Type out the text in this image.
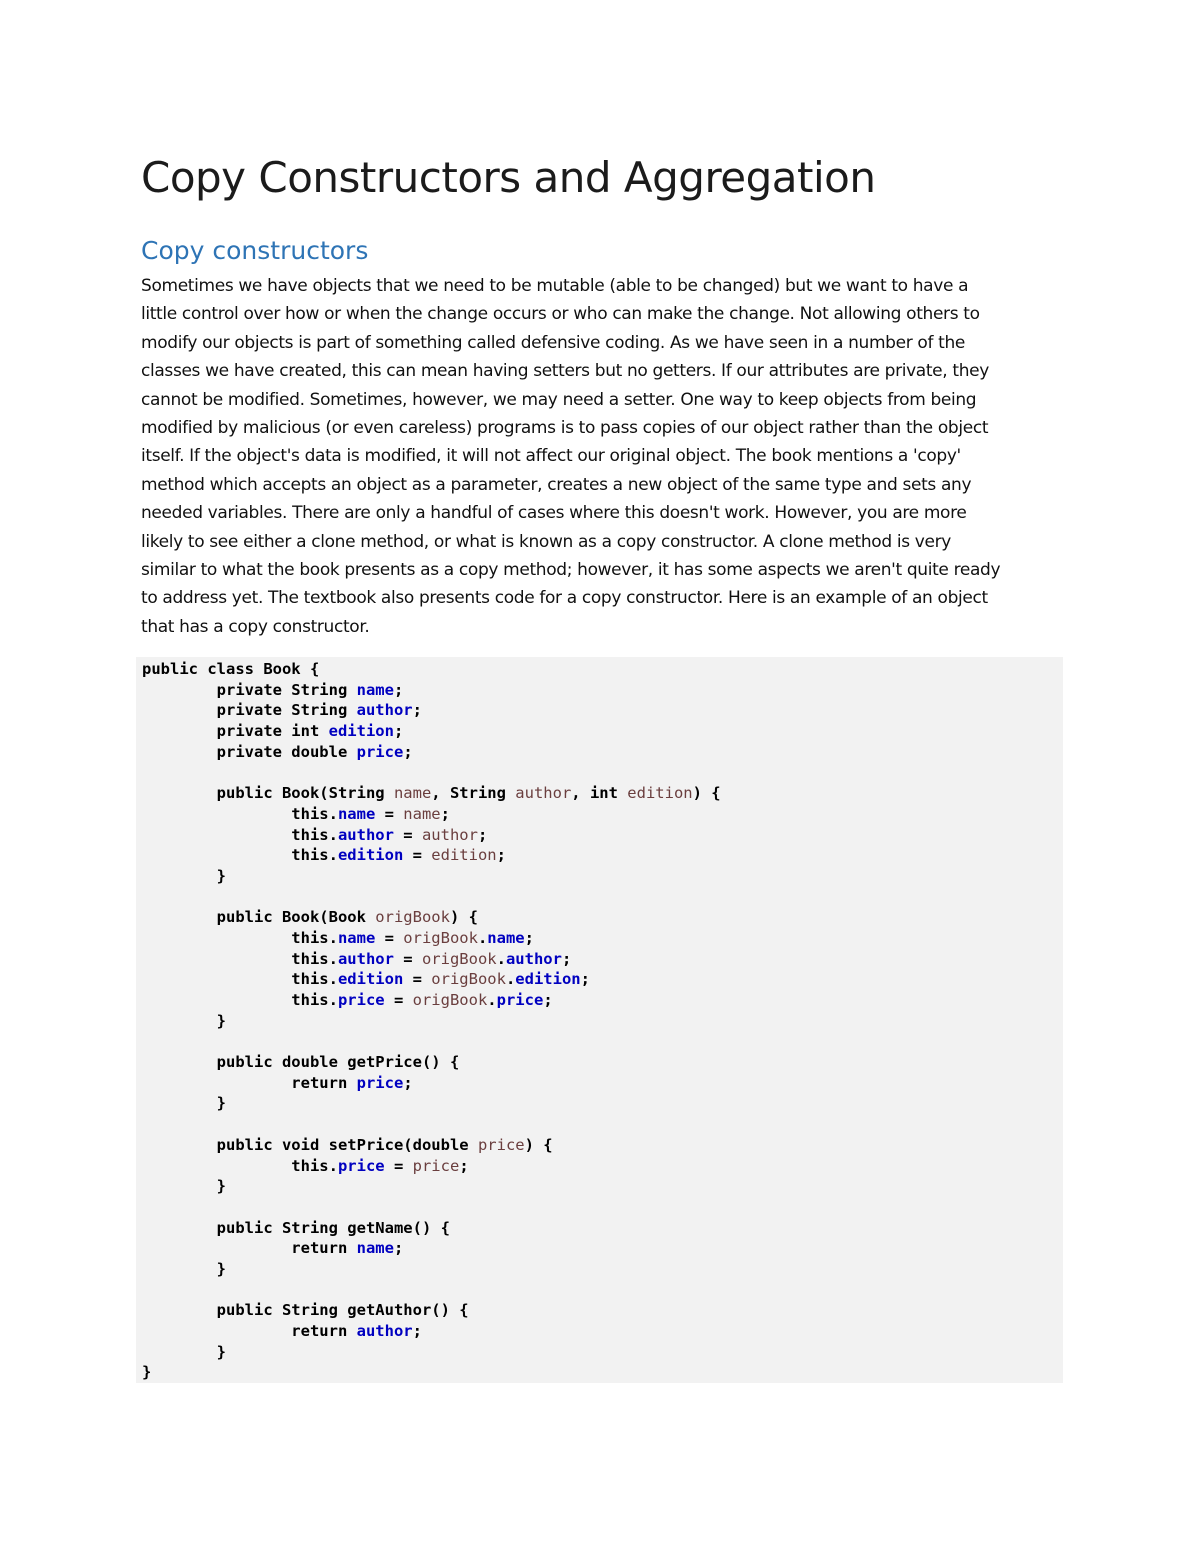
Copy Constructors and Aggregation
Copy constructors
Sometimes we have objects that we need to be mutable (able to be changed) but we want to have a
little control over how or when the change occurs or who can make the change. Not allowing others to
modify our objects is part of something called defensive coding. As we have seen in a number of the
classes we have created, this can mean having setters but no getters. If our attributes are private, they
cannot be modified. Sometimes, however, we may need a setter. One way to keep objects from being
modified by malicious (or even careless) programs is to pass copies of our object rather than the object
itself. If the object's data is modified, it will not affect our original object. The book mentions a 'copy'
method which accepts an object as a parameter, creates a new object of the same type and sets any
needed variables. There are only a handful of cases where this doesn't work. However, you are more
likely to see either a clone method, or what is known as a copy constructor. A clone method is very
similar to what the book presents as a copy method; however, it has some aspects we aren't quite ready
to address yet. The textbook also presents code for a copy constructor. Here is an example of an object
that has a copy constructor.
public class Book {
private String name;
private String author;
private int edition;
private double price;

public Book(String name, String author, int edition) {
this.name = name;
this.author = author;
this.edition = edition;
}

public Book(Book origBook) {
this.name = origBook.name;
this.author = origBook.author;
this.edition = origBook.edition;
this.price = origBook.price;
}

public double getPrice() {
return price;
}

public void setPrice(double price) {
this.price = price;
}

public String getName() {
return name;
}

public String getAuthor() {
return author;
}
}
